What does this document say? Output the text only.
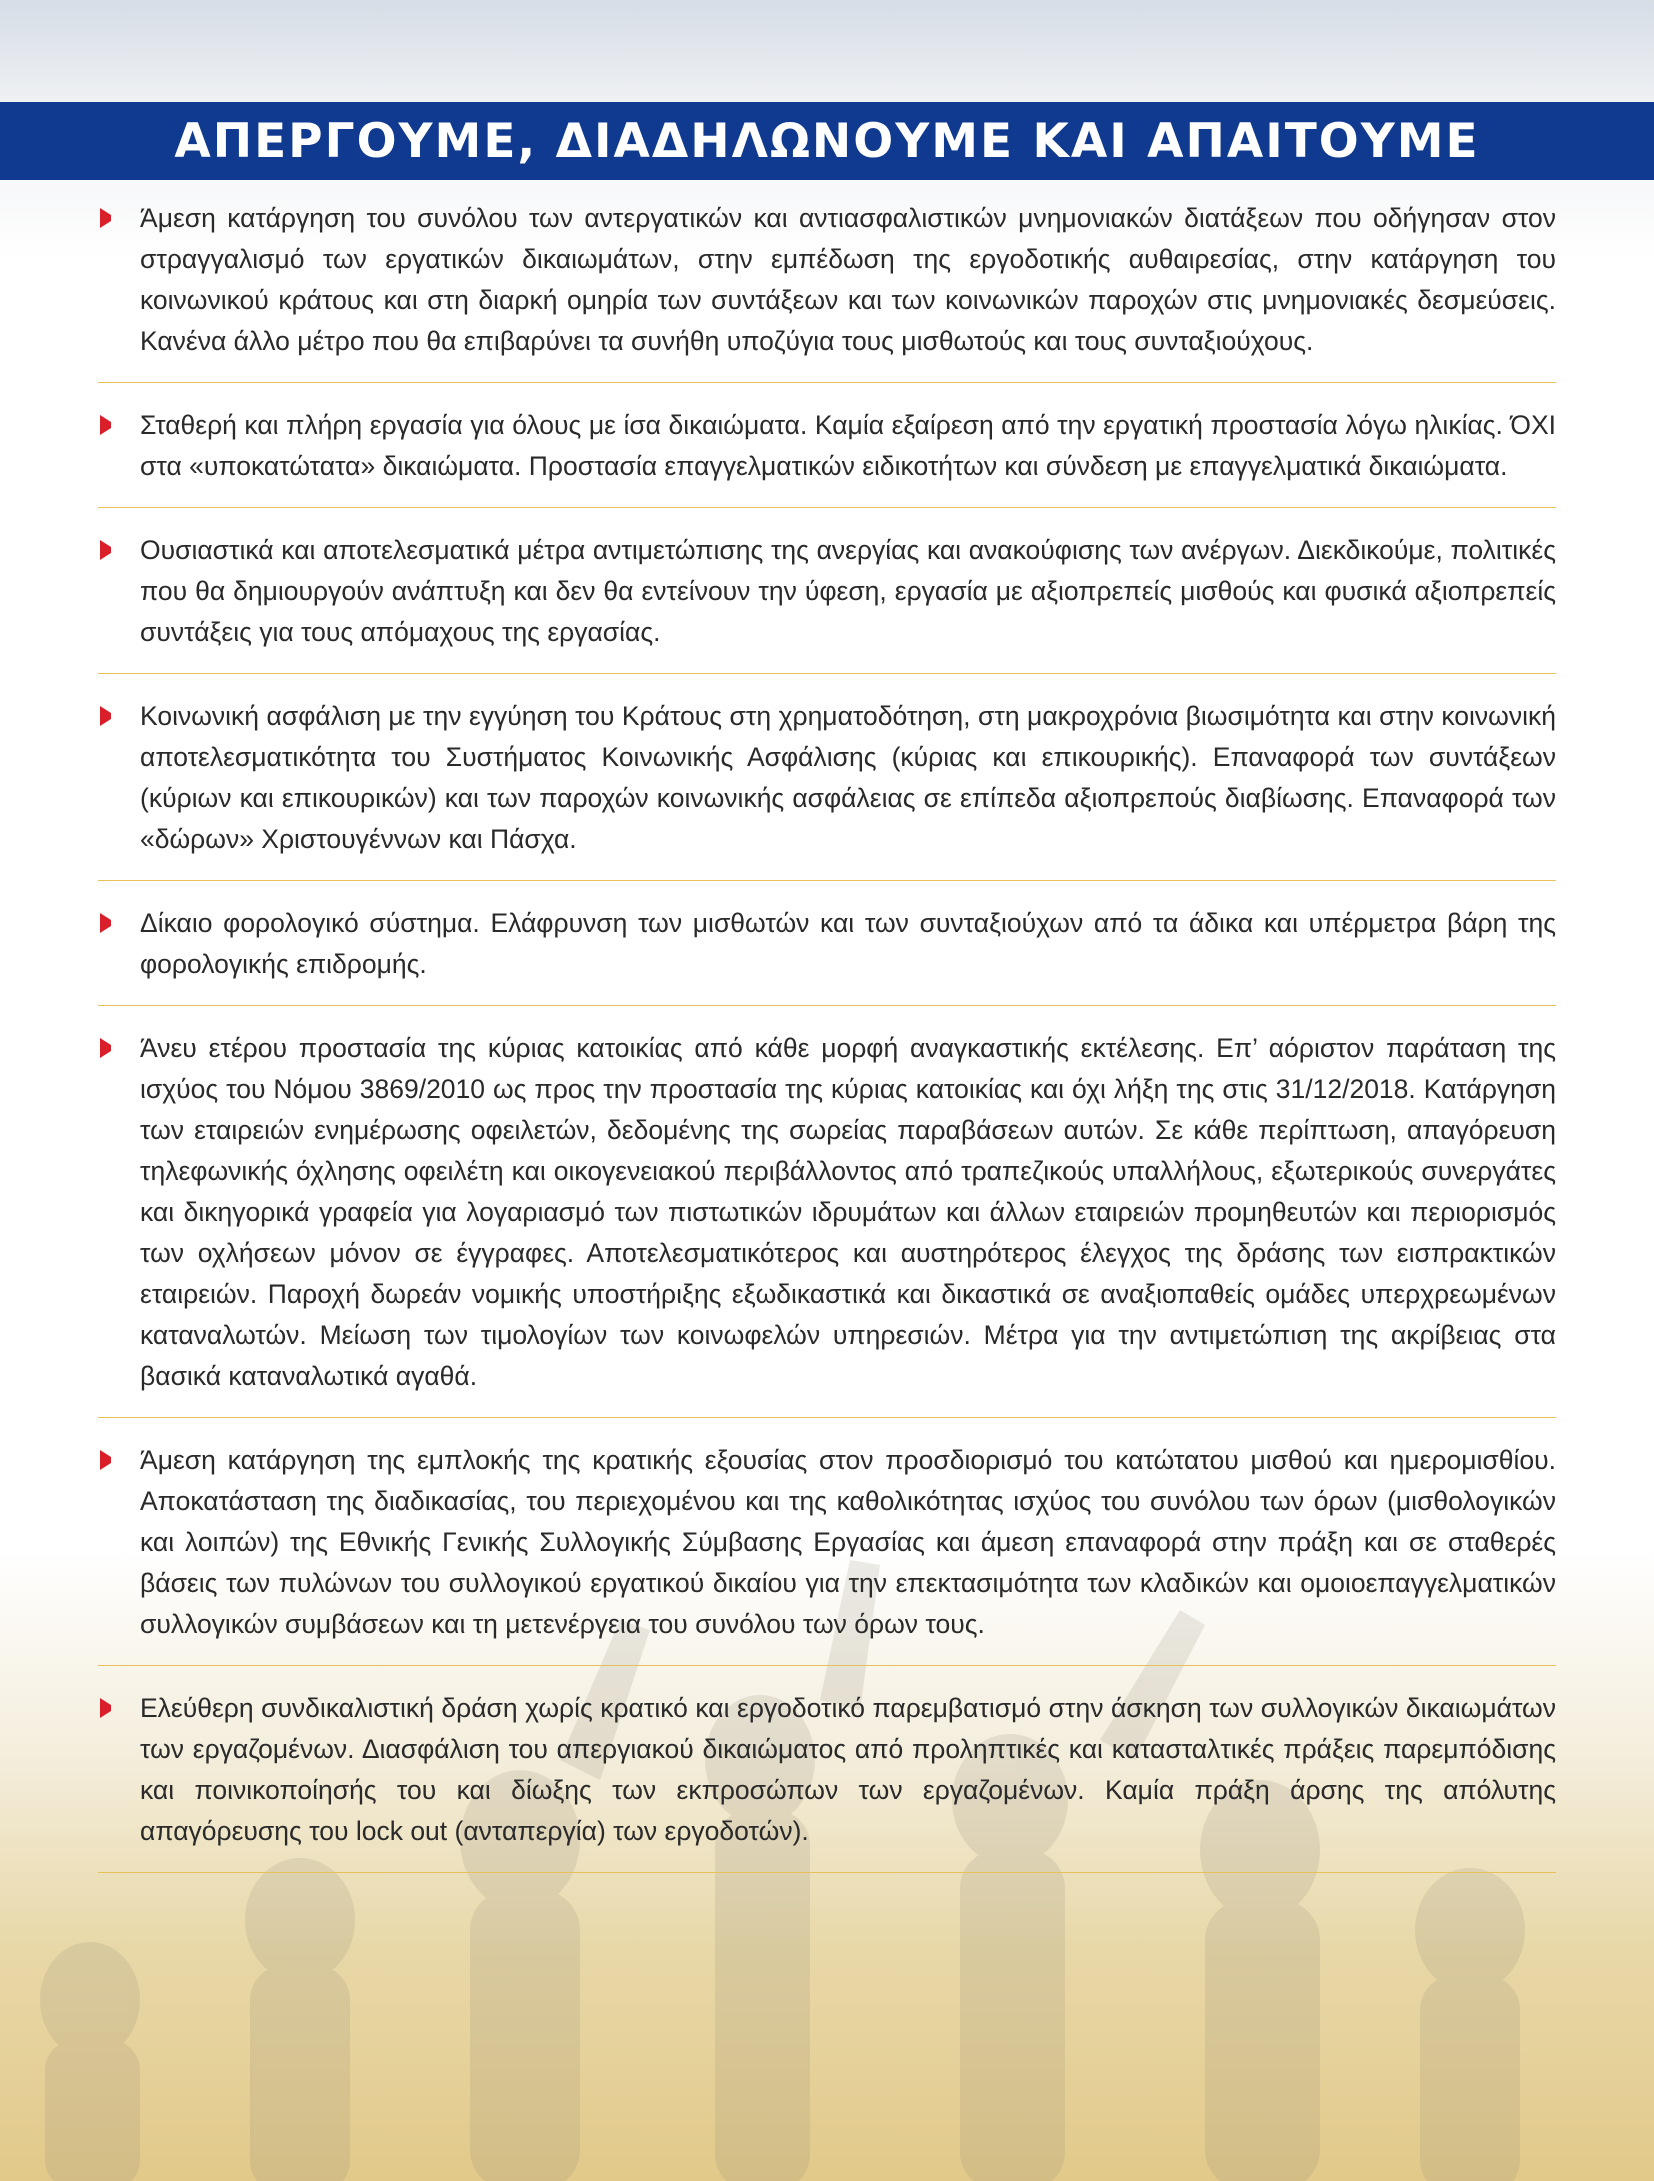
ΑΠΕΡΓΟΥΜΕ, ΔΙΑΔΗΛΩΝΟΥΜΕ ΚΑΙ ΑΠΑΙΤΟΥΜΕ

Άμεση κατάργηση του συνόλου των αντεργατικών και αντιασφαλιστικών μνημονιακών διατάξεων που οδήγησαν στον στραγγαλισμό των εργατικών δικαιωμάτων, στην εμπέδωση της εργοδοτικής αυθαιρεσίας, στην κατάργηση του κοινωνικού κράτους και στη διαρκή ομηρία των συντάξεων και των κοινωνικών παροχών στις μνημονιακές δεσμεύσεις. Κανένα άλλο μέτρο που θα επιβαρύνει τα συνήθη υποζύγια τους μισθωτούς και τους συνταξιούχους.

Σταθερή και πλήρη εργασία για όλους με ίσα δικαιώματα. Καμία εξαίρεση από την εργατική προστασία λόγω ηλικίας. ΌΧΙ στα «υποκατώτατα» δικαιώματα. Προστασία επαγγελματικών ειδικοτήτων και σύνδεση με επαγγελματικά δικαιώματα.

Ουσιαστικά και αποτελεσματικά μέτρα αντιμετώπισης της ανεργίας και ανακούφισης των ανέργων. Διεκδικούμε, πολιτικές που θα δημιουργούν ανάπτυξη και δεν θα εντείνουν την ύφεση, εργασία με αξιοπρεπείς μισθούς και φυσικά αξιοπρεπείς συντάξεις για τους απόμαχους της εργασίας.

Κοινωνική ασφάλιση με την εγγύηση του Κράτους στη χρηματοδότηση, στη μακροχρόνια βιωσιμότητα και στην κοινωνική αποτελεσματικότητα του Συστήματος Κοινωνικής Ασφάλισης (κύριας και επικουρικής). Επαναφορά των συντάξεων (κύριων και επικουρικών) και των παροχών κοινωνικής ασφάλειας σε επίπεδα αξιοπρεπούς διαβίωσης. Επαναφορά των «δώρων» Χριστουγέννων και Πάσχα.

Δίκαιο φορολογικό σύστημα. Ελάφρυνση των μισθωτών και των συνταξιούχων από τα άδικα και υπέρμετρα βάρη της φορολογικής επιδρομής.

Άνευ ετέρου προστασία της κύριας κατοικίας από κάθε μορφή αναγκαστικής εκτέλεσης. Επ’ αόριστον παράταση της ισχύος του Νόμου 3869/2010 ως προς την προστασία της κύριας κατοικίας και όχι λήξη της στις 31/12/2018. Κατάργηση των εταιρειών ενημέρωσης οφειλετών, δεδομένης της σωρείας παραβάσεων αυτών. Σε κάθε περίπτωση, απαγόρευση τηλεφωνικής όχλησης οφειλέτη και οικογενειακού περιβάλλοντος από τραπεζικούς υπαλλήλους, εξωτερικούς συνεργάτες και δικηγορικά γραφεία για λογαριασμό των πιστωτικών ιδρυμάτων και άλλων εταιρειών προμηθευτών και περιορισμός των οχλήσεων μόνον σε έγγραφες. Αποτελεσματικότερος και αυστηρότερος έλεγχος της δράσης των εισπρακτικών εταιρειών. Παροχή δωρεάν νομικής υποστήριξης εξωδικαστικά και δικαστικά σε αναξιοπαθείς ομάδες υπερχρεωμένων καταναλωτών. Μείωση των τιμολογίων των κοινωφελών υπηρεσιών. Μέτρα για την αντιμετώπιση της ακρίβειας στα βασικά καταναλωτικά αγαθά.

Άμεση κατάργηση της εμπλοκής της κρατικής εξουσίας στον προσδιορισμό του κατώτατου μισθού και ημερομισθίου. Αποκατάσταση της διαδικασίας, του περιεχομένου και της καθολικότητας ισχύος του συνόλου των όρων (μισθολογικών και λοιπών) της Εθνικής Γενικής Συλλογικής Σύμβασης Εργασίας και άμεση επαναφορά στην πράξη και σε σταθερές βάσεις των πυλώνων του συλλογικού εργατικού δικαίου για την επεκτασιμότητα των κλαδικών και ομοιοεπαγγελματικών συλλογικών συμβάσεων και τη μετενέργεια του συνόλου των όρων τους.

Ελεύθερη συνδικαλιστική δράση χωρίς κρατικό και εργοδοτικό παρεμβατισμό στην άσκηση των συλλογικών δικαιωμάτων των εργαζομένων. Διασφάλιση του απεργιακού δικαιώματος από προληπτικές και κατασταλτικές πράξεις παρεμπόδισης και ποινικοποίησής του και δίωξης των εκπροσώπων των εργαζομένων. Καμία πράξη άρσης της απόλυτης απαγόρευσης του lock out (ανταπεργία) των εργοδοτών).
